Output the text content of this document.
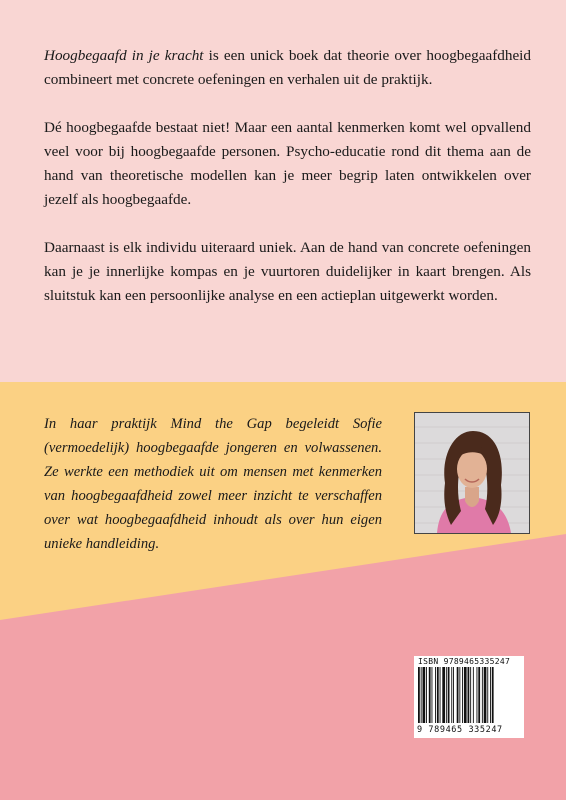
Hoogbegaafd in je kracht is een unick boek dat theorie over hoogbegaafdheid combineert met concrete oefeningen en verhalen uit de praktijk.

Dé hoogbegaafde bestaat niet! Maar een aantal kenmerken komt wel opvallend veel voor bij hoogbegaafde personen. Psycho-educatie rond dit thema aan de hand van theoretische modellen kan je meer begrip laten ontwikkelen over jezelf als hoogbegaafde.

Daarnaast is elk individu uiteraard uniek. Aan de hand van concrete oefeningen kan je je innerlijke kompas en je vuurtoren duidelijker in kaart brengen. Als sluitstuk kan een persoonlijke analyse en een actieplan uitgewerkt worden.

In haar praktijk Mind the Gap begeleidt Sofie (vermoedelijk) hoogbegaafde jongeren en volwassenen. Ze werkte een methodiek uit om mensen met kenmerken van hoogbegaafdheid zowel meer inzicht te verschaffen over wat hoogbegaafdheid inhoudt als over hun eigen unieke handleiding.

ISBN 9789465335247
9 789465 335247
